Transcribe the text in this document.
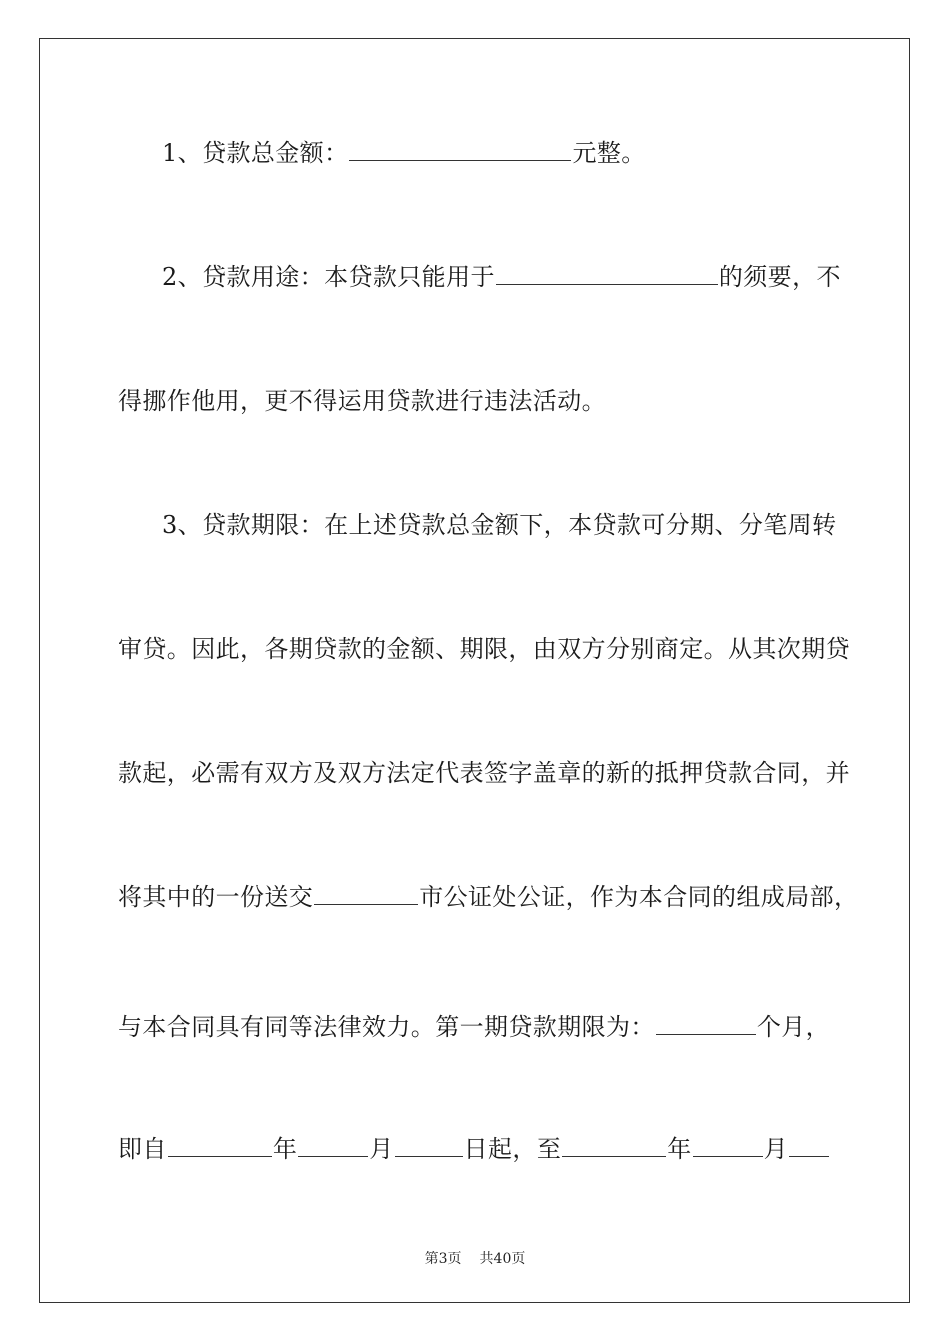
1、贷款总金额：	元整。
2、贷款用途：本贷款只能用于	的须要，不
得挪作他用，更不得运用贷款进行违法活动。
3、贷款期限：在上述贷款总金额下，本贷款可分期、分笔周转
审贷。因此，各期贷款的金额、期限，由双方分别商定。从其次期贷
款起，必需有双方及双方法定代表签字盖章的新的抵押贷款合同，并
将其中的一份送交	市公证处公证，作为本合同的组成局部，
与本合同具有同等法律效力。第一期贷款期限为：	个月，
即自	年	月	日起，至	年	月
第3页 共40页
